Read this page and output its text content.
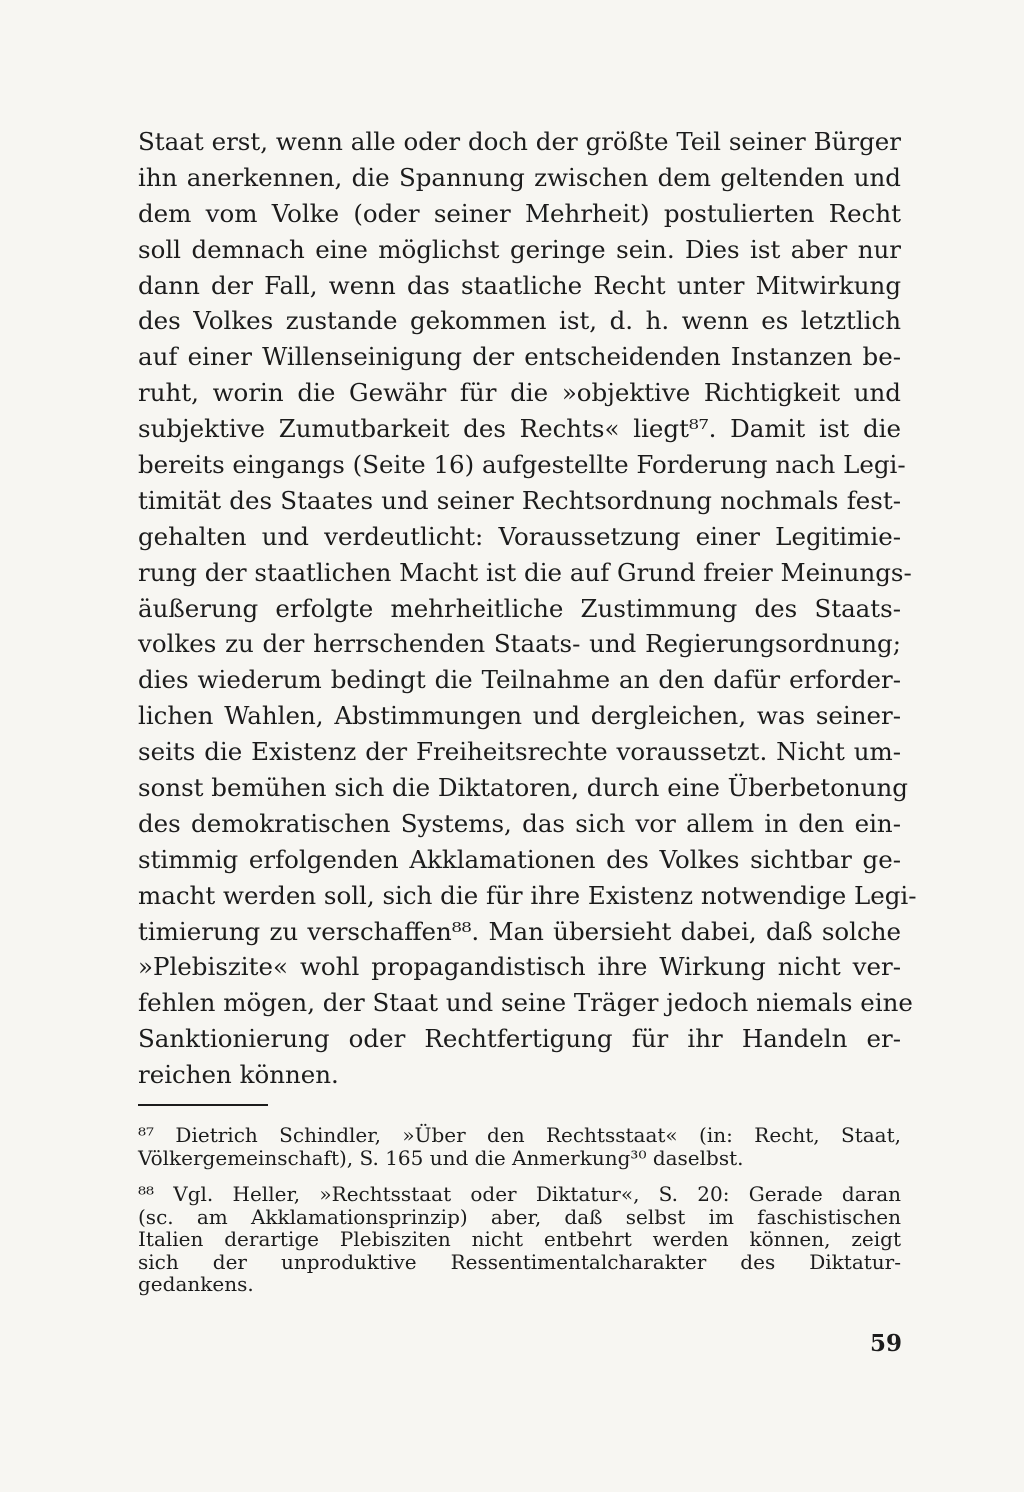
Staat erst, wenn alle oder doch der größte Teil seiner Bürger
ihn anerkennen, die Spannung zwischen dem geltenden und
dem vom Volke (oder seiner Mehrheit) postulierten Recht
soll demnach eine möglichst geringe sein. Dies ist aber nur
dann der Fall, wenn das staatliche Recht unter Mitwirkung
des Volkes zustande gekommen ist, d. h. wenn es letztlich
auf einer Willenseinigung der entscheidenden Instanzen be-
ruht, worin die Gewähr für die »objektive Richtigkeit und
subjektive Zumutbarkeit des Rechts« liegt⁸⁷. Damit ist die
bereits eingangs (Seite 16) aufgestellte Forderung nach Legi-
timität des Staates und seiner Rechtsordnung nochmals fest-
gehalten und verdeutlicht: Voraussetzung einer Legitimie-
rung der staatlichen Macht ist die auf Grund freier Meinungs-
äußerung erfolgte mehrheitliche Zustimmung des Staats-
volkes zu der herrschenden Staats- und Regierungsordnung;
dies wiederum bedingt die Teilnahme an den dafür erforder-
lichen Wahlen, Abstimmungen und dergleichen, was seiner-
seits die Existenz der Freiheitsrechte voraussetzt. Nicht um-
sonst bemühen sich die Diktatoren, durch eine Überbetonung
des demokratischen Systems, das sich vor allem in den ein-
stimmig erfolgenden Akklamationen des Volkes sichtbar ge-
macht werden soll, sich die für ihre Existenz notwendige Legi-
timierung zu verschaffen⁸⁸. Man übersieht dabei, daß solche
»Plebiszite« wohl propagandistisch ihre Wirkung nicht ver-
fehlen mögen, der Staat und seine Träger jedoch niemals eine
Sanktionierung oder Rechtfertigung für ihr Handeln er-
reichen können.
⁸⁷ Dietrich Schindler, »Über den Rechtsstaat« (in: Recht, Staat,
Völkergemeinschaft), S. 165 und die Anmerkung³⁰ daselbst.
⁸⁸ Vgl. Heller, »Rechtsstaat oder Diktatur«, S. 20: Gerade daran
(sc. am Akklamationsprinzip) aber, daß selbst im faschistischen
Italien derartige Plebisziten nicht entbehrt werden können, zeigt
sich der unproduktive Ressentimentalcharakter des Diktatur-
gedankens.
59
